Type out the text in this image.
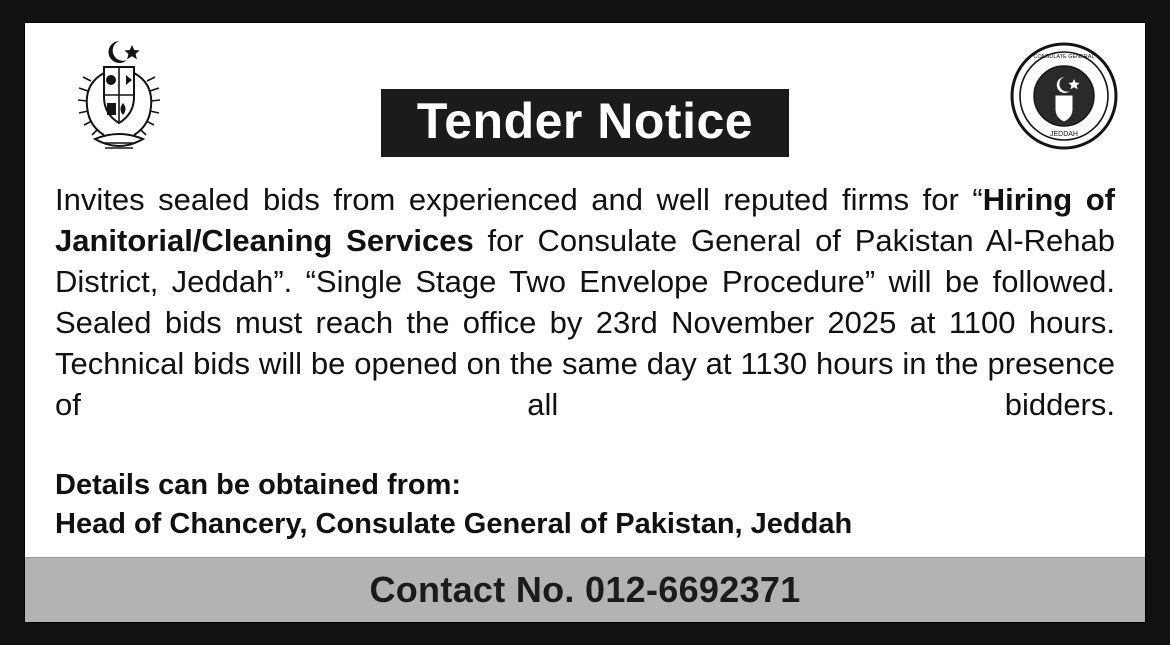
Tender Notice	JEDDAH
CONSULATE GENERAL

Invites sealed bids from experienced and well reputed firms for “Hiring of Janitorial/Cleaning Services for Consulate General of Pakistan Al-Rehab District, Jeddah”. “Single Stage Two Envelope Procedure” will be followed. Sealed bids must reach the office by 23rd November 2025 at 1100 hours. Technical bids will be opened on the same day at 1130 hours in the presence of all bidders.

Details can be obtained from:

Head of Chancery, Consulate General of Pakistan, Jeddah

Contact No. 012-6692371
